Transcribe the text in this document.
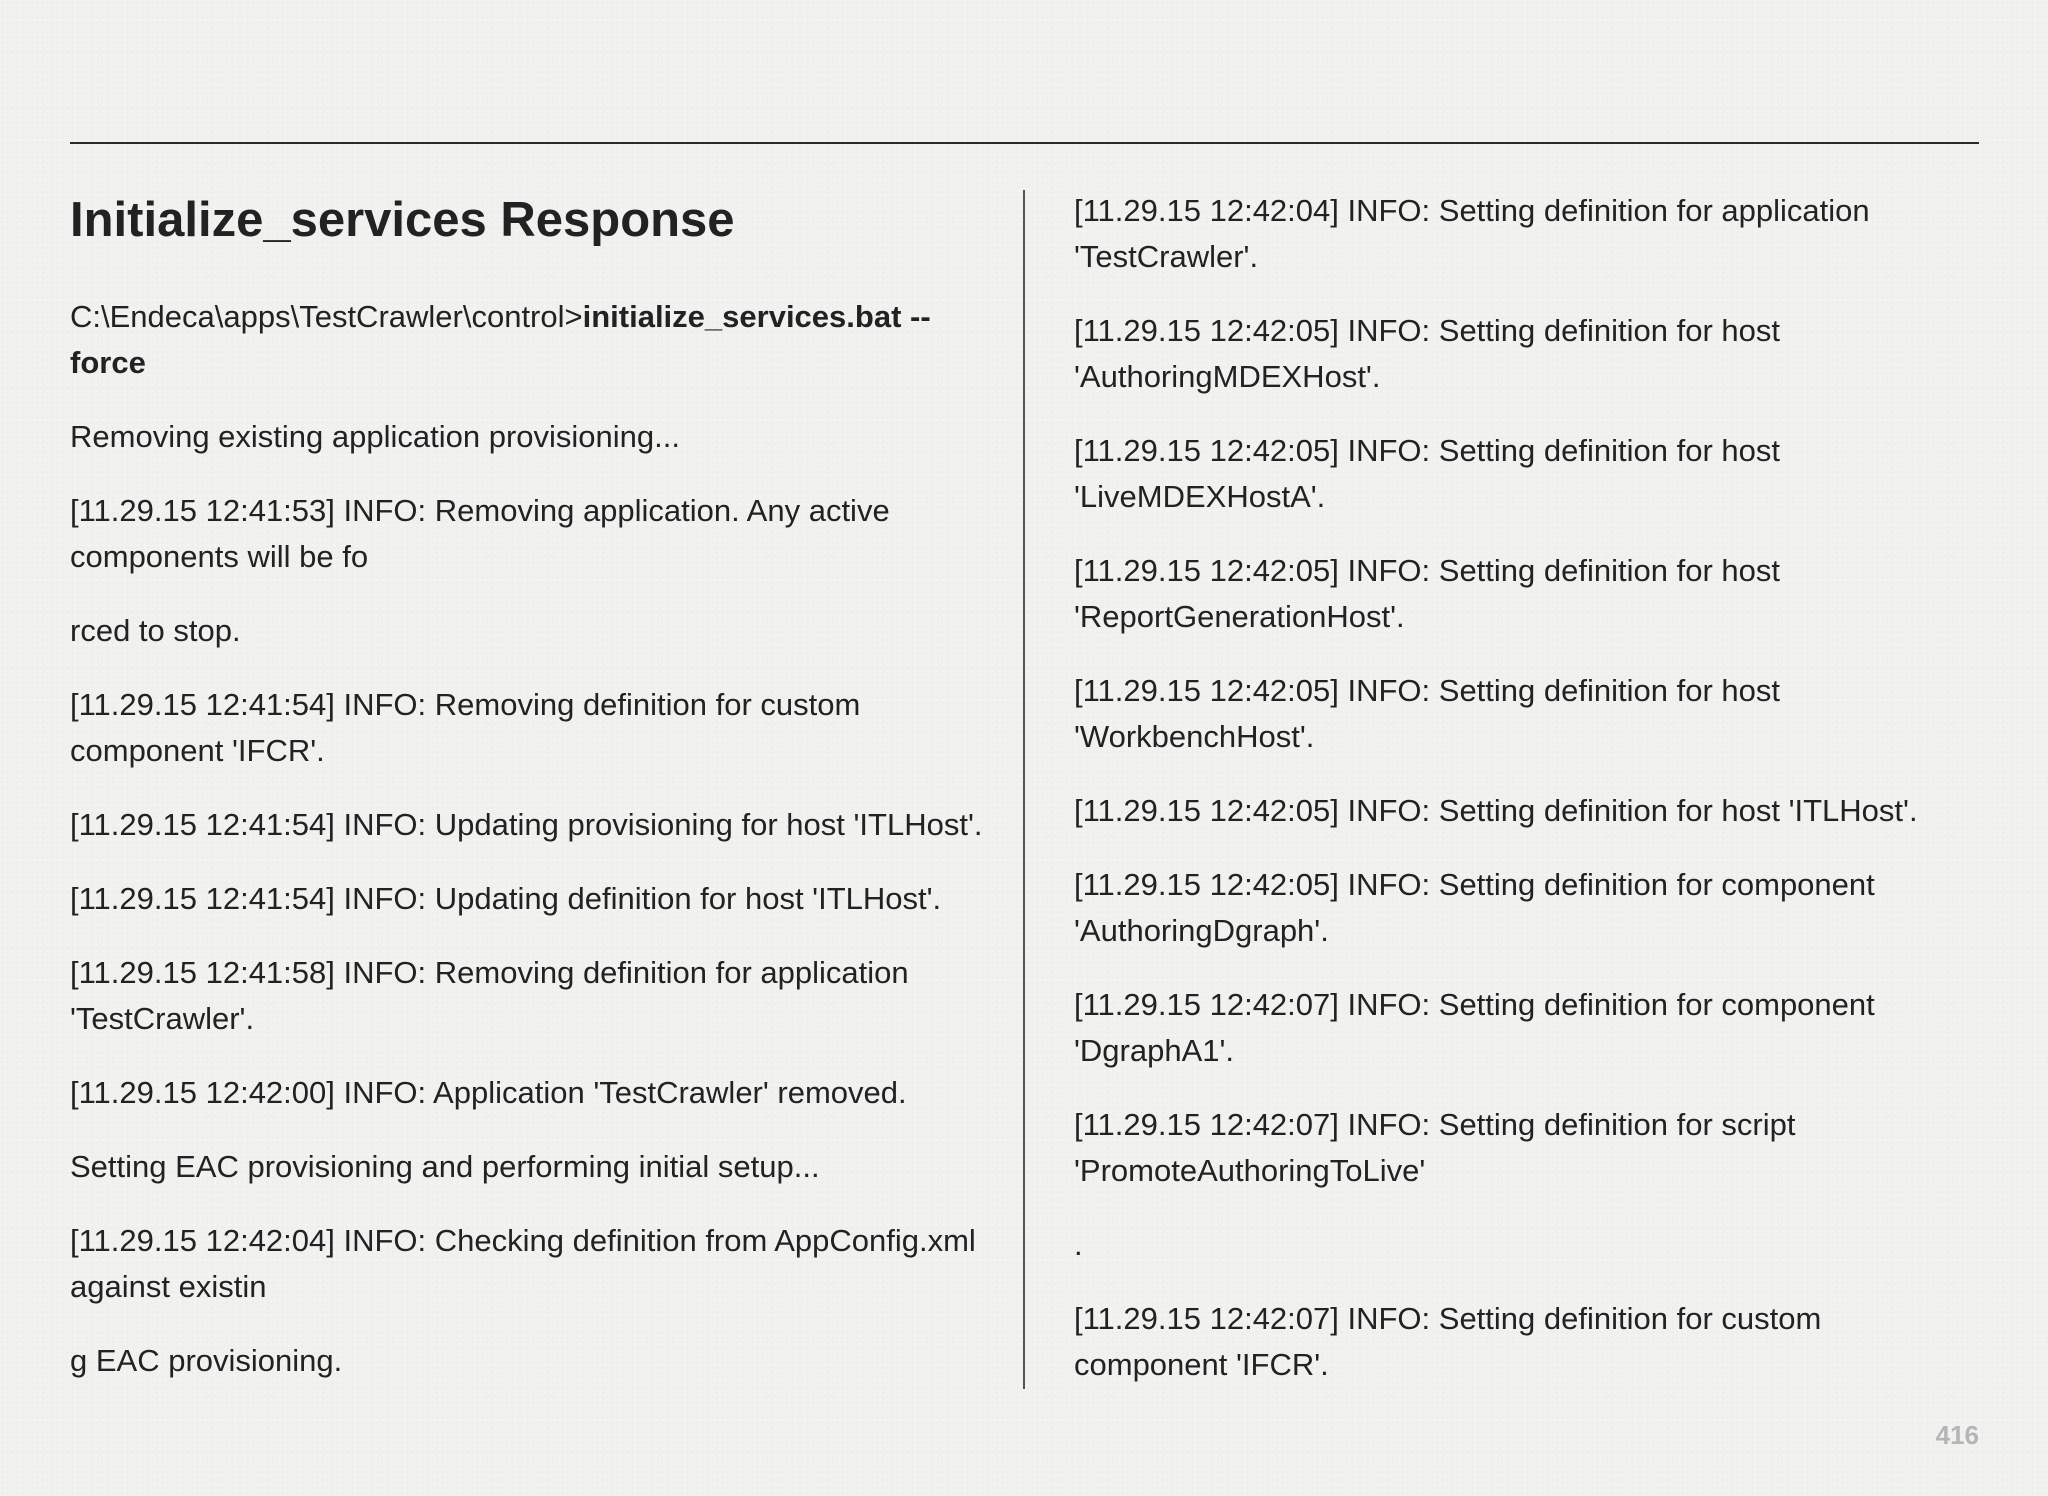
Initialize_services Response

C:\Endeca\apps\TestCrawler\control>initialize_services.bat --force

Removing existing application provisioning...

[11.29.15 12:41:53] INFO: Removing application. Any active components will be fo

rced to stop.

[11.29.15 12:41:54] INFO: Removing definition for custom component 'IFCR'.

[11.29.15 12:41:54] INFO: Updating provisioning for host 'ITLHost'.

[11.29.15 12:41:54] INFO: Updating definition for host 'ITLHost'.

[11.29.15 12:41:58] INFO: Removing definition for application 'TestCrawler'.

[11.29.15 12:42:00] INFO: Application 'TestCrawler' removed.

Setting EAC provisioning and performing initial setup...

[11.29.15 12:42:04] INFO: Checking definition from AppConfig.xml against existin

g EAC provisioning.

[11.29.15 12:42:04] INFO: Setting definition for application 'TestCrawler'.

[11.29.15 12:42:05] INFO: Setting definition for host 'AuthoringMDEXHost'.

[11.29.15 12:42:05] INFO: Setting definition for host 'LiveMDEXHostA'.

[11.29.15 12:42:05] INFO: Setting definition for host 'ReportGenerationHost'.

[11.29.15 12:42:05] INFO: Setting definition for host 'WorkbenchHost'.

[11.29.15 12:42:05] INFO: Setting definition for host 'ITLHost'.

[11.29.15 12:42:05] INFO: Setting definition for component 'AuthoringDgraph'.

[11.29.15 12:42:07] INFO: Setting definition for component 'DgraphA1'.

[11.29.15 12:42:07] INFO: Setting definition for script 'PromoteAuthoringToLive'

.

[11.29.15 12:42:07] INFO: Setting definition for custom component 'IFCR'.

416
